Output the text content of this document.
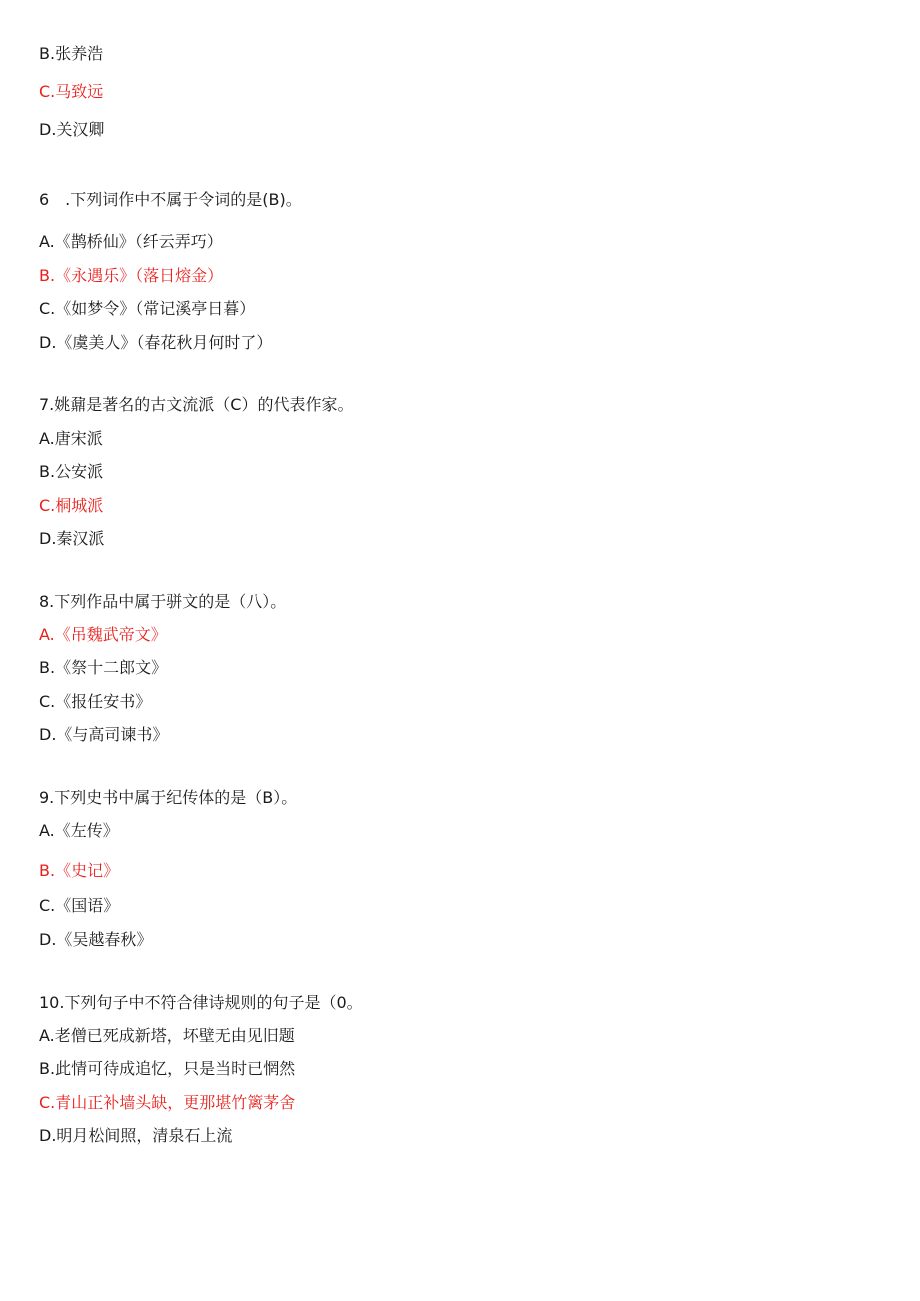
B.张养浩
C.马致远
D.关汉卿
6　.下列词作中不属于令词的是(B)。
A.《鹊桥仙》（纤云弄巧）
B.《永遇乐》（落日熔金）
C.《如梦令》（常记溪亭日暮）
D.《虞美人》（春花秋月何时了）
7.姚鼐是著名的古文流派（C）的代表作家。
A.唐宋派
B.公安派
C.桐城派
D.秦汉派
8.下列作品中属于骈文的是（八）。
A.《吊魏武帝文》
B.《祭十二郎文》
C.《报任安书》
D.《与高司谏书》
9.下列史书中属于纪传体的是（B）。
A.《左传》
B.《史记》
C.《国语》
D.《吴越春秋》
10.下列句子中不符合律诗规则的句子是（0。
A.老僧已死成新塔，坏壁无由见旧题
B.此情可待成追忆，只是当时已惘然
C.青山正补墙头缺，更那堪竹篱茅舍
D.明月松间照，清泉石上流
